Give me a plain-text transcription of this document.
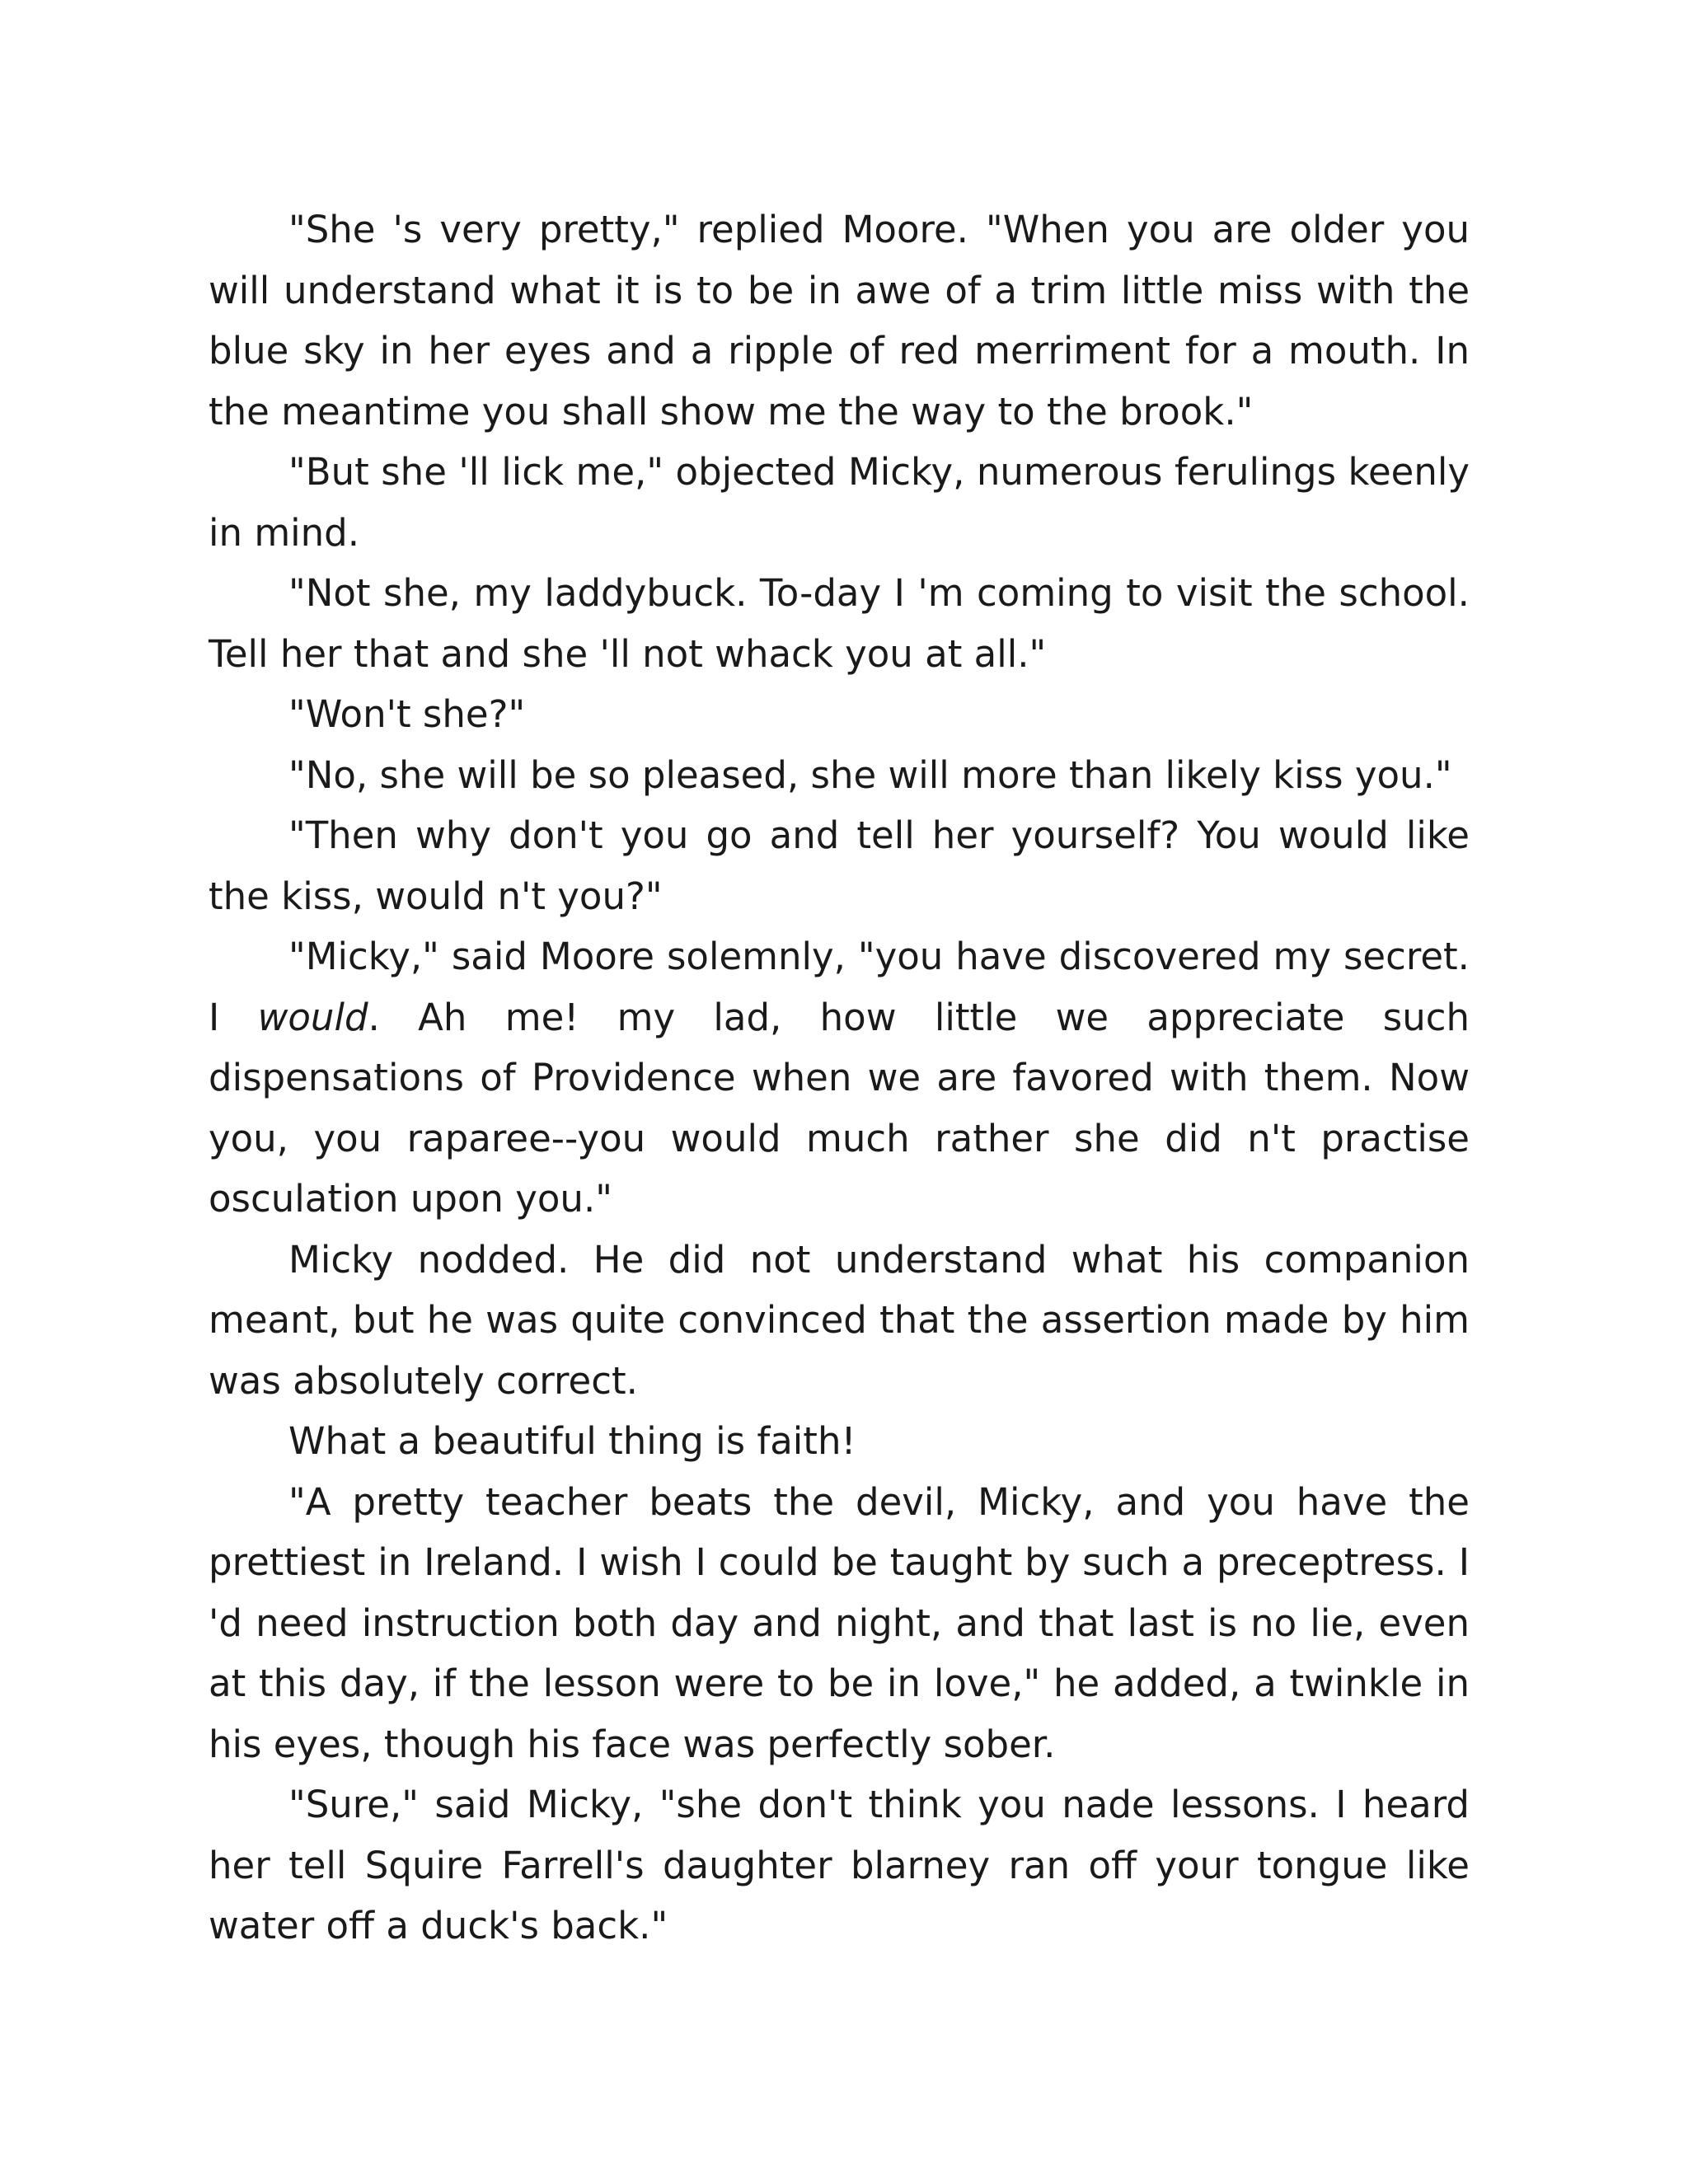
"She 's very pretty," replied Moore. "When you are older you will understand what it is to be in awe of a trim little miss with the blue sky in her eyes and a ripple of red merriment for a mouth. In the meantime you shall show me the way to the brook."

"But she 'll lick me," objected Micky, numerous ferulings keenly in mind.

"Not she, my laddybuck. To-day I 'm coming to visit the school. Tell her that and she 'll not whack you at all."

"Won't she?"

"No, she will be so pleased, she will more than likely kiss you."

"Then why don't you go and tell her yourself? You would like the kiss, would n't you?"

"Micky," said Moore solemnly, "you have discovered my secret. I would. Ah me! my lad, how little we appreciate such dispensations of Providence when we are favored with them. Now you, you raparee--you would much rather she did n't practise osculation upon you."

Micky nodded. He did not understand what his companion meant, but he was quite convinced that the assertion made by him was absolutely correct.

What a beautiful thing is faith!

"A pretty teacher beats the devil, Micky, and you have the prettiest in Ireland. I wish I could be taught by such a preceptress. I 'd need instruction both day and night, and that last is no lie, even at this day, if the lesson were to be in love," he added, a twinkle in his eyes, though his face was perfectly sober.

"Sure," said Micky, "she don't think you nade lessons. I heard her tell Squire Farrell's daughter blarney ran off your tongue like water off a duck's back."
